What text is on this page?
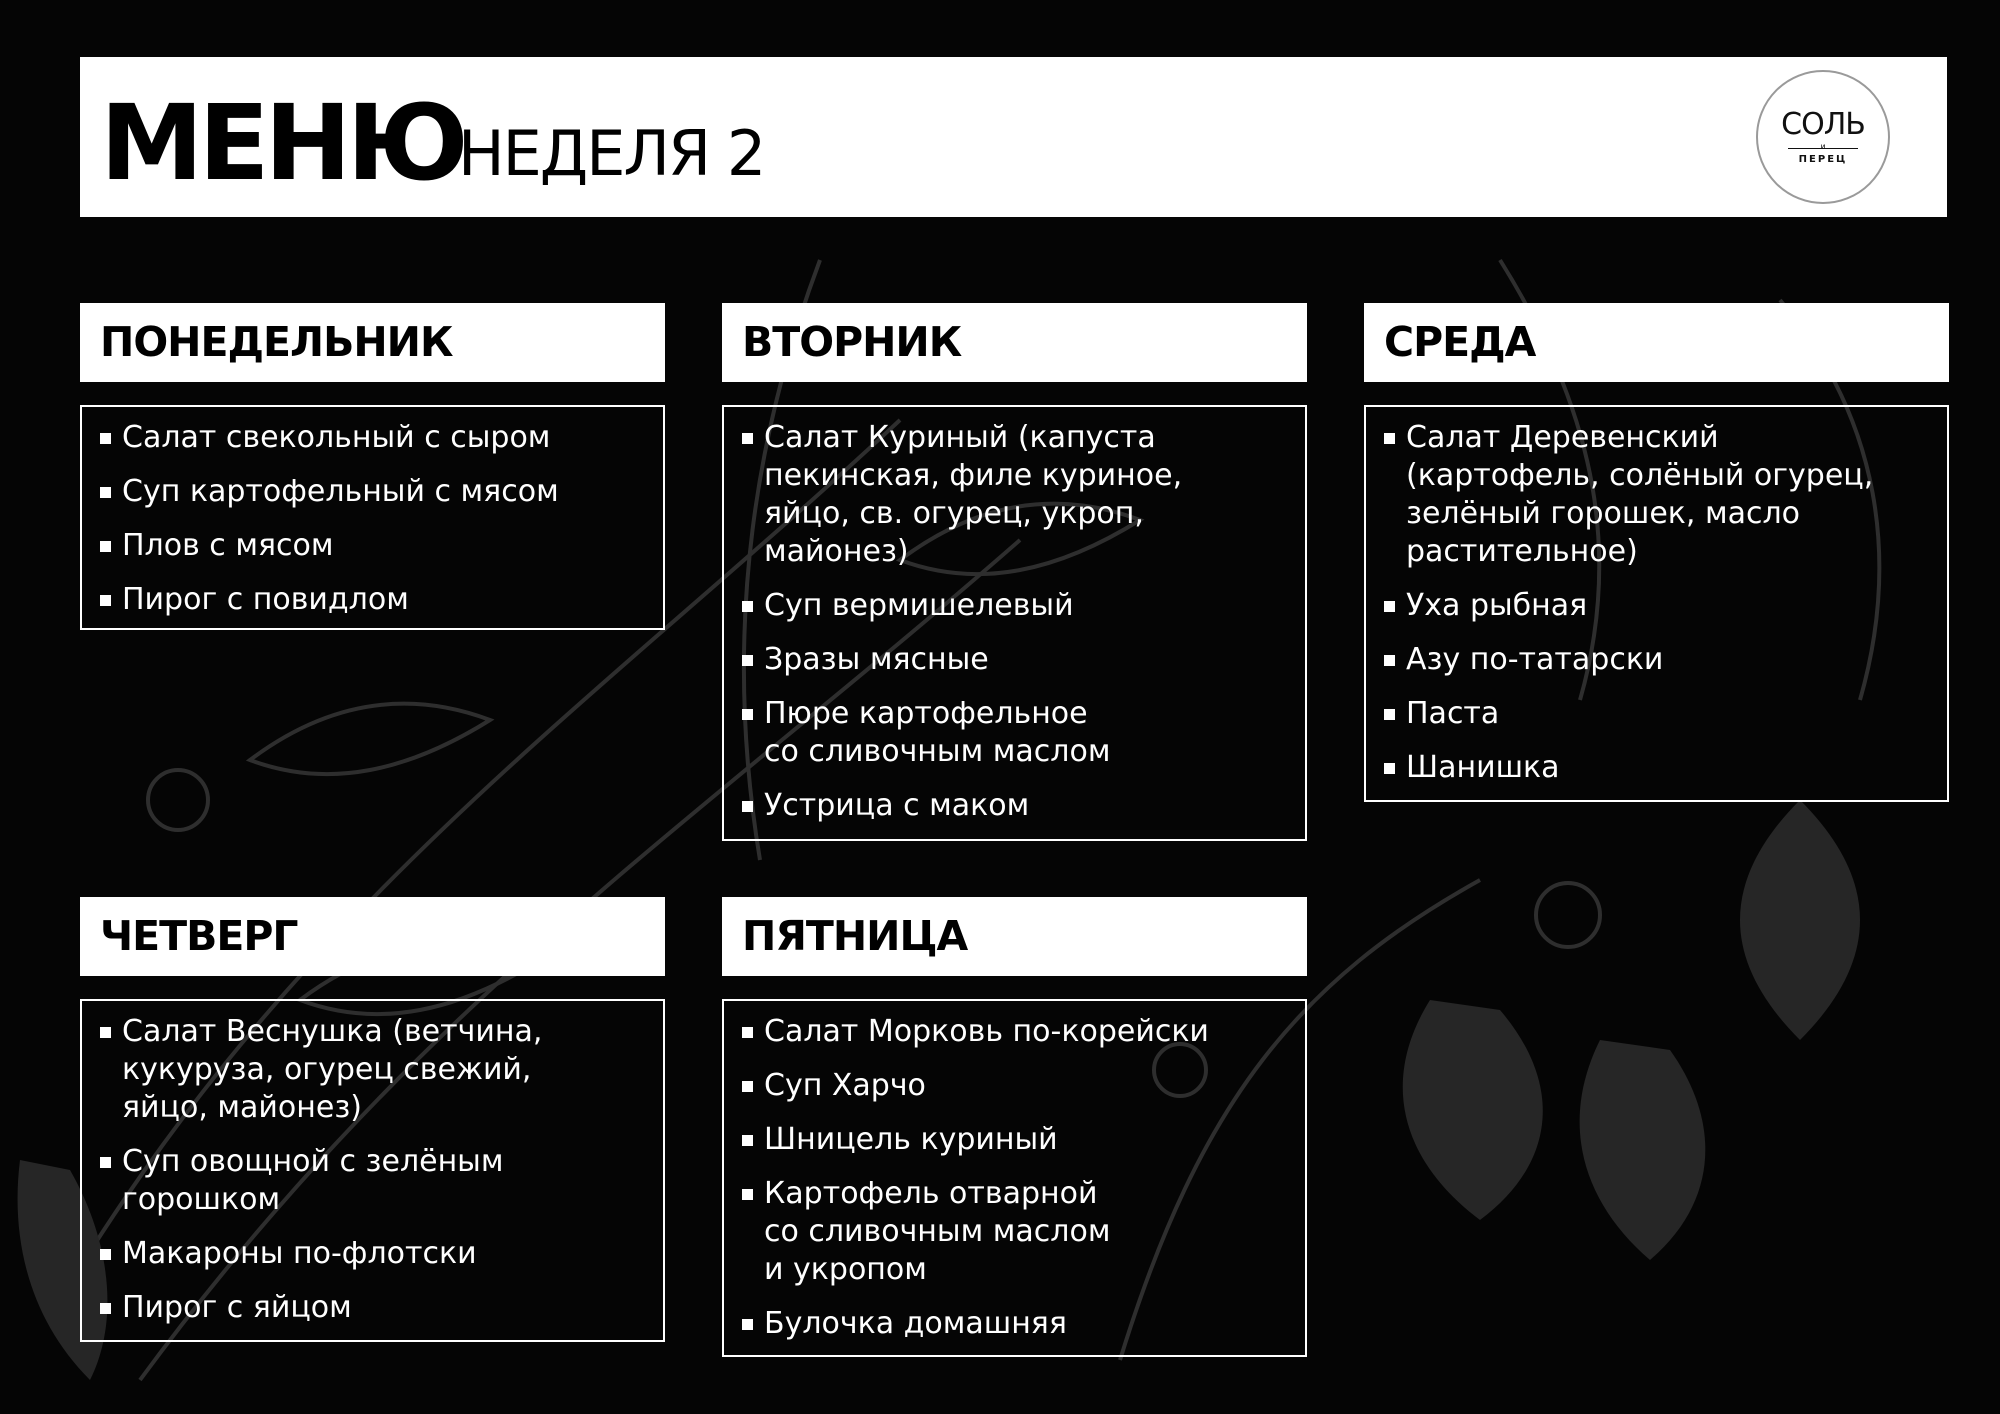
МЕНЮ
НЕДЕЛЯ 2	СОЛЬ
и
ПЕРЕЦ
ПОНЕДЕЛЬНИК
Салат свекольный с сыром
Суп картофельный с мясом
Плов с мясом
Пирог с повидлом
ВТОРНИК
Салат Куриный (капуста
пекинская, филе куриное,
яйцо, св. огурец, укроп,
майонез)
Суп вермишелевый
Зразы мясные
Пюре картофельное
со сливочным маслом
Устрица с маком
СРЕДА
Салат Деревенский
(картофель, солёный огурец,
зелёный горошек, масло
растительное)
Уха рыбная
Азу по-татарски
Паста
Шанишка
ЧЕТВЕРГ
Салат Веснушка (ветчина,
кукуруза, огурец свежий,
яйцо, майонез)
Суп овощной с зелёным
горошком
Макароны по-флотски
Пирог с яйцом
ПЯТНИЦА
Салат Морковь по-корейски
Суп Харчо
Шницель куриный
Картофель отварной
со сливочным маслом
и укропом
Булочка домашняя
